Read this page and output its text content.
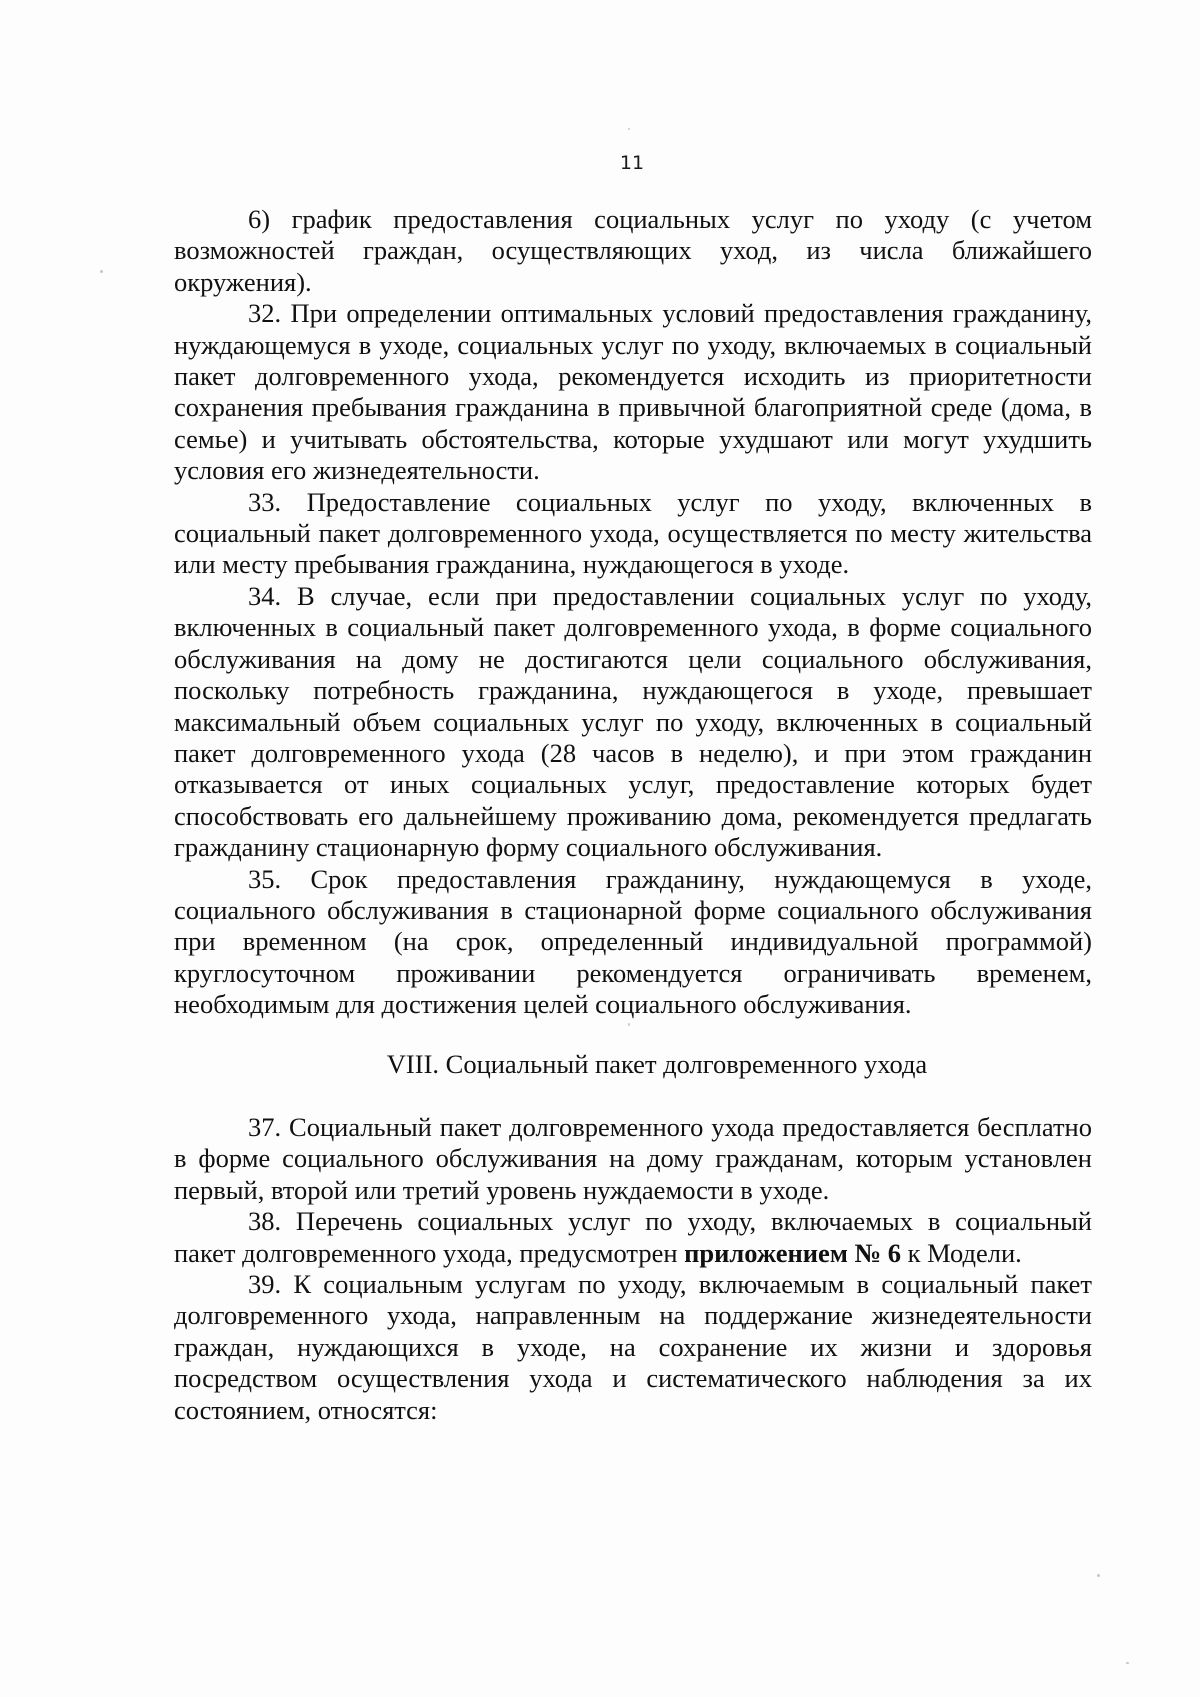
11

6) график предоставления социальных услуг по уходу (с учетом возможностей граждан, осуществляющих уход, из числа ближайшего окружения).

32. При определении оптимальных условий предоставления гражданину, нуждающемуся в уходе, социальных услуг по уходу, включаемых в социальный пакет долговременного ухода, рекомендуется исходить из приоритетности сохранения пребывания гражданина в привычной благоприятной среде (дома, в семье) и учитывать обстоятельства, которые ухудшают или могут ухудшить условия его жизнедеятельности.

33. Предоставление социальных услуг по уходу, включенных в социальный пакет долговременного ухода, осуществляется по месту жительства или месту пребывания гражданина, нуждающегося в уходе.

34. В случае, если при предоставлении социальных услуг по уходу, включенных в социальный пакет долговременного ухода, в форме социального обслуживания на дому не достигаются цели социального обслуживания, поскольку потребность гражданина, нуждающегося в уходе, превышает максимальный объем социальных услуг по уходу, включенных в социальный пакет долговременного ухода (28 часов в неделю), и при этом гражданин отказывается от иных социальных услуг, предоставление которых будет способствовать его дальнейшему проживанию дома, рекомендуется предлагать гражданину стационарную форму социального обслуживания.

35. Срок предоставления гражданину, нуждающемуся в уходе, социального обслуживания в стационарной форме социального обслуживания при временном (на срок, определенный индивидуальной программой) круглосуточном проживании рекомендуется ограничивать временем, необходимым для достижения целей социального обслуживания.

VIII. Социальный пакет долговременного ухода

37. Социальный пакет долговременного ухода предоставляется бесплатно в форме социального обслуживания на дому гражданам, которым установлен первый, второй или третий уровень нуждаемости в уходе.

38. Перечень социальных услуг по уходу, включаемых в социальный пакет долговременного ухода, предусмотрен приложением № 6 к Модели.

39. К социальным услугам по уходу, включаемым в социальный пакет долговременного ухода, направленным на поддержание жизнедеятельности граждан, нуждающихся в уходе, на сохранение их жизни и здоровья посредством осуществления ухода и систематического наблюдения за их состоянием, относятся:
